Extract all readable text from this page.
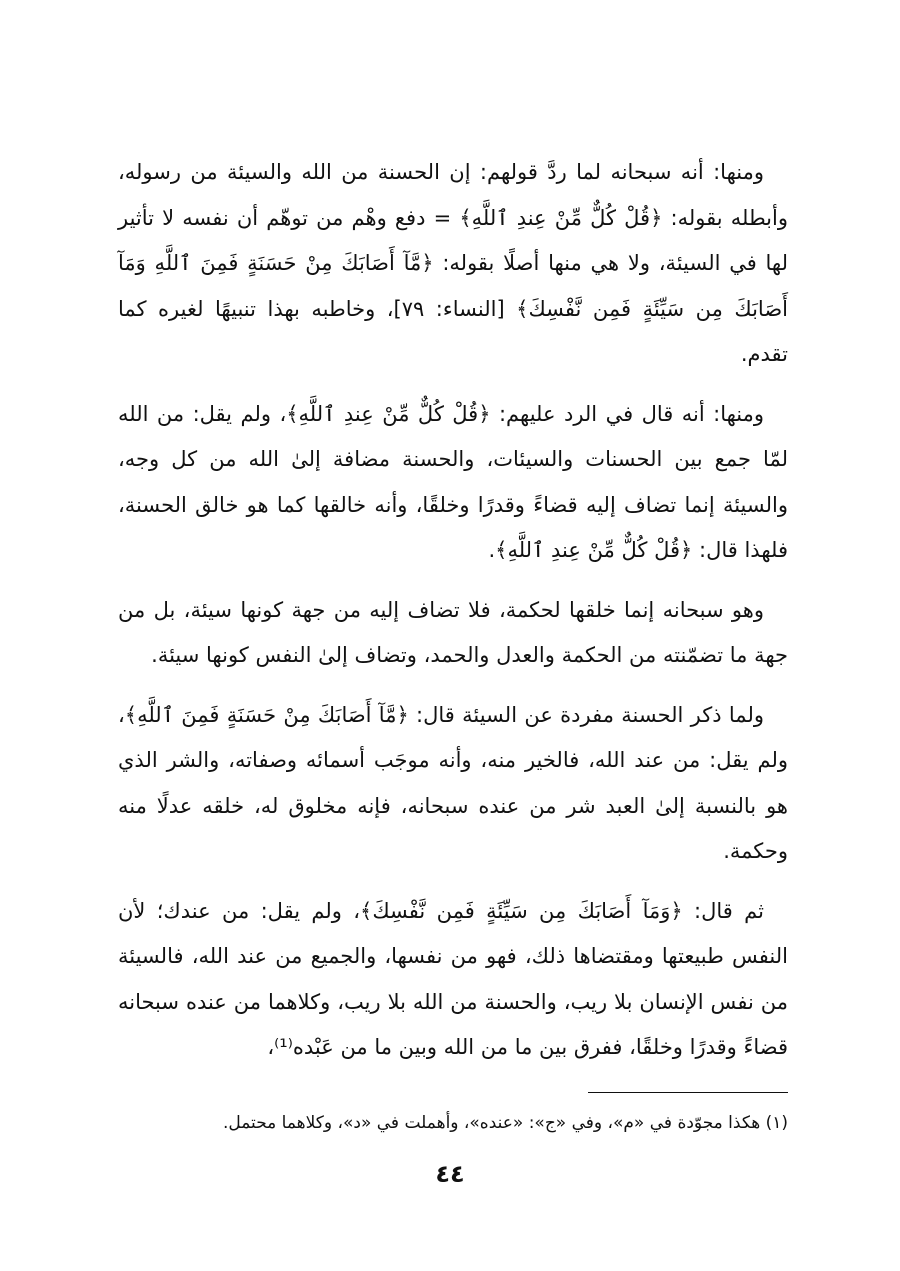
ومنها: أنه سبحانه لما ردَّ قولهم: إن الحسنة من الله والسيئة من رسوله، وأبطله بقوله: ﴿قُلْ كُلٌّ مِّنْ عِندِ ٱللَّهِ﴾ = دفع وهْم من توهّم أن نفسه لا تأثير لها في السيئة، ولا هي منها أصلًا بقوله: ﴿مَّآ أَصَابَكَ مِنْ حَسَنَةٍ فَمِنَ ٱللَّهِ وَمَآ أَصَابَكَ مِن سَيِّئَةٍ فَمِن نَّفْسِكَ﴾ [النساء: ٧٩]، وخاطبه بهذا تنبيهًا لغيره كما تقدم.

ومنها: أنه قال في الرد عليهم: ﴿قُلْ كُلٌّ مِّنْ عِندِ ٱللَّهِ﴾، ولم يقل: من الله لمّا جمع بين الحسنات والسيئات، والحسنة مضافة إلىٰ الله من كل وجه، والسيئة إنما تضاف إليه قضاءً وقدرًا وخلقًا، وأنه خالقها كما هو خالق الحسنة، فلهذا قال: ﴿قُلْ كُلٌّ مِّنْ عِندِ ٱللَّهِ﴾.

وهو سبحانه إنما خلقها لحكمة، فلا تضاف إليه من جهة كونها سيئة، بل من جهة ما تضمّنته من الحكمة والعدل والحمد، وتضاف إلىٰ النفس كونها سيئة.

ولما ذكر الحسنة مفردة عن السيئة قال: ﴿مَّآ أَصَابَكَ مِنْ حَسَنَةٍ فَمِنَ ٱللَّهِ﴾، ولم يقل: من عند الله، فالخير منه، وأنه موجَب أسمائه وصفاته، والشر الذي هو بالنسبة إلىٰ العبد شر من عنده سبحانه، فإنه مخلوق له، خلقه عدلًا منه وحكمة.

ثم قال: ﴿وَمَآ أَصَابَكَ مِن سَيِّئَةٍ فَمِن نَّفْسِكَ﴾، ولم يقل: من عندك؛ لأن النفس طبيعتها ومقتضاها ذلك، فهو من نفسها، والجميع من عند الله، فالسيئة من نفس الإنسان بلا ريب، والحسنة من الله بلا ريب، وكلاهما من عنده سبحانه قضاءً وقدرًا وخلقًا، ففرق بين ما من الله وبين ما من عَبْده⁽¹⁾،

(١) هكذا مجوّدة في «م»، وفي «ج»: «عنده»، وأهملت في «د»، وكلاهما محتمل.
٤٤
